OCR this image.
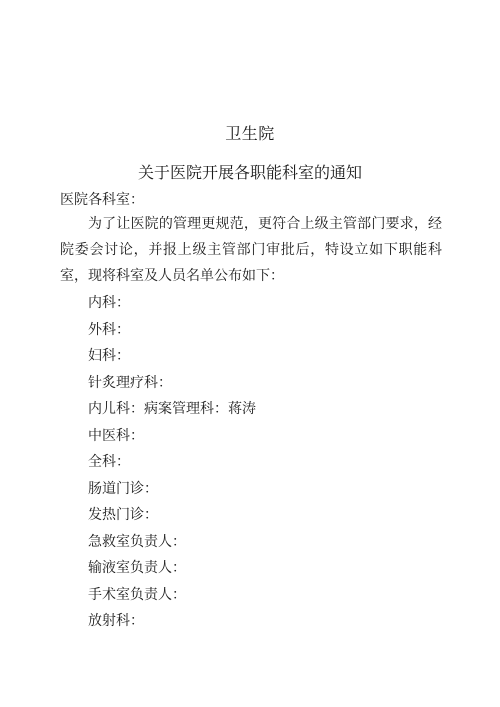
卫生院
关于医院开展各职能科室的通知
医院各科室：

为了让医院的管理更规范，更符合上级主管部门要求，经院委会讨论，并报上级主管部门审批后，特设立如下职能科室，现将科室及人员名单公布如下：

内科：
外科：
妇科：
针炙理疗科：
内儿科：病案管理科：蒋涛
中医科：
全科：
肠道门诊：
发热门诊：
急救室负责人：
输液室负责人：
手术室负责人：
放射科：
